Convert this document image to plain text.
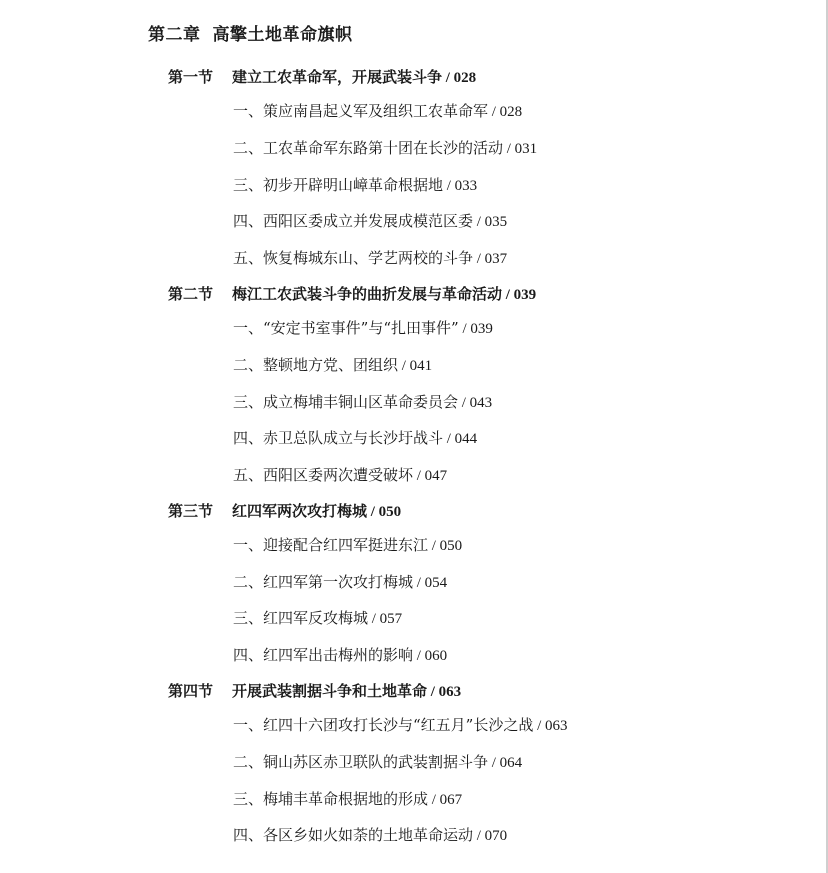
第二章 高擎土地革命旗帜
第一节 建立工农革命军，开展武装斗争 / 028
一、策应南昌起义军及组织工农革命军 / 028
二、工农革命军东路第十团在长沙的活动 / 031
三、初步开辟明山嶂革命根据地 / 033
四、西阳区委成立并发展成模范区委 / 035
五、恢复梅城东山、学艺两校的斗争 / 037
第二节 梅江工农武装斗争的曲折发展与革命活动 / 039
一、“安定书室事件”与“扎田事件” / 039
二、整顿地方党、团组织 / 041
三、成立梅埔丰铜山区革命委员会 / 043
四、赤卫总队成立与长沙圩战斗 / 044
五、西阳区委两次遭受破坏 / 047
第三节 红四军两次攻打梅城 / 050
一、迎接配合红四军挺进东江 / 050
二、红四军第一次攻打梅城 / 054
三、红四军反攻梅城 / 057
四、红四军出击梅州的影响 / 060
第四节 开展武装割据斗争和土地革命 / 063
一、红四十六团攻打长沙与“红五月”长沙之战 / 063
二、铜山苏区赤卫联队的武装割据斗争 / 064
三、梅埔丰革命根据地的形成 / 067
四、各区乡如火如荼的土地革命运动 / 070
